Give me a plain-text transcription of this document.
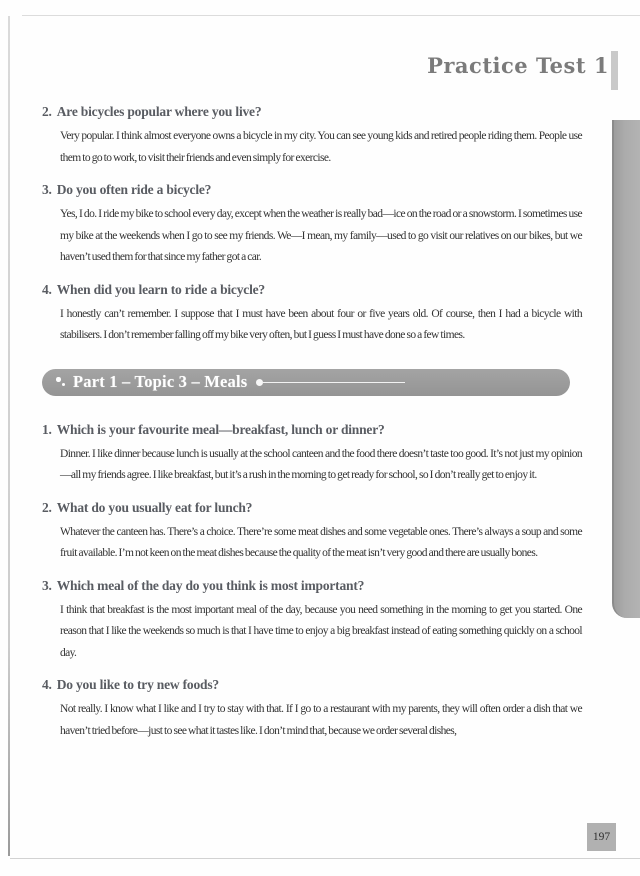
Practice Test 1
2. Are bicycles popular where you live?
Very popular. I think almost everyone owns a bicycle in my city. You can see young kids and retired people riding them. People use them to go to work, to visit their friends and even simply for exercise.
3. Do you often ride a bicycle?
Yes, I do. I ride my bike to school every day, except when the weather is really bad—ice on the road or a snowstorm. I sometimes use my bike at the weekends when I go to see my friends. We—I mean, my family—used to go visit our relatives on our bikes, but we haven’t used them for that since my father got a car.
4. When did you learn to ride a bicycle?
I honestly can’t remember. I suppose that I must have been about four or five years old. Of course, then I had a bicycle with stabilisers. I don’t remember falling off my bike very often, but I guess I must have done so a few times.
Part 1 – Topic 3 – Meals
1. Which is your favourite meal—breakfast, lunch or dinner?
Dinner. I like dinner because lunch is usually at the school canteen and the food there doesn’t taste too good. It’s not just my opinion—all my friends agree. I like breakfast, but it’s a rush in the morning to get ready for school, so I don’t really get to enjoy it.
2. What do you usually eat for lunch?
Whatever the canteen has. There’s a choice. There’re some meat dishes and some vegetable ones. There’s always a soup and some fruit available. I’m not keen on the meat dishes because the quality of the meat isn’t very good and there are usually bones.
3. Which meal of the day do you think is most important?
I think that breakfast is the most important meal of the day, because you need something in the morning to get you started. One reason that I like the weekends so much is that I have time to enjoy a big breakfast instead of eating something quickly on a school day.
4. Do you like to try new foods?
Not really. I know what I like and I try to stay with that. If I go to a restaurant with my parents, they will often order a dish that we haven’t tried before—just to see what it tastes like. I don’t mind that, because we order several dishes,
197
